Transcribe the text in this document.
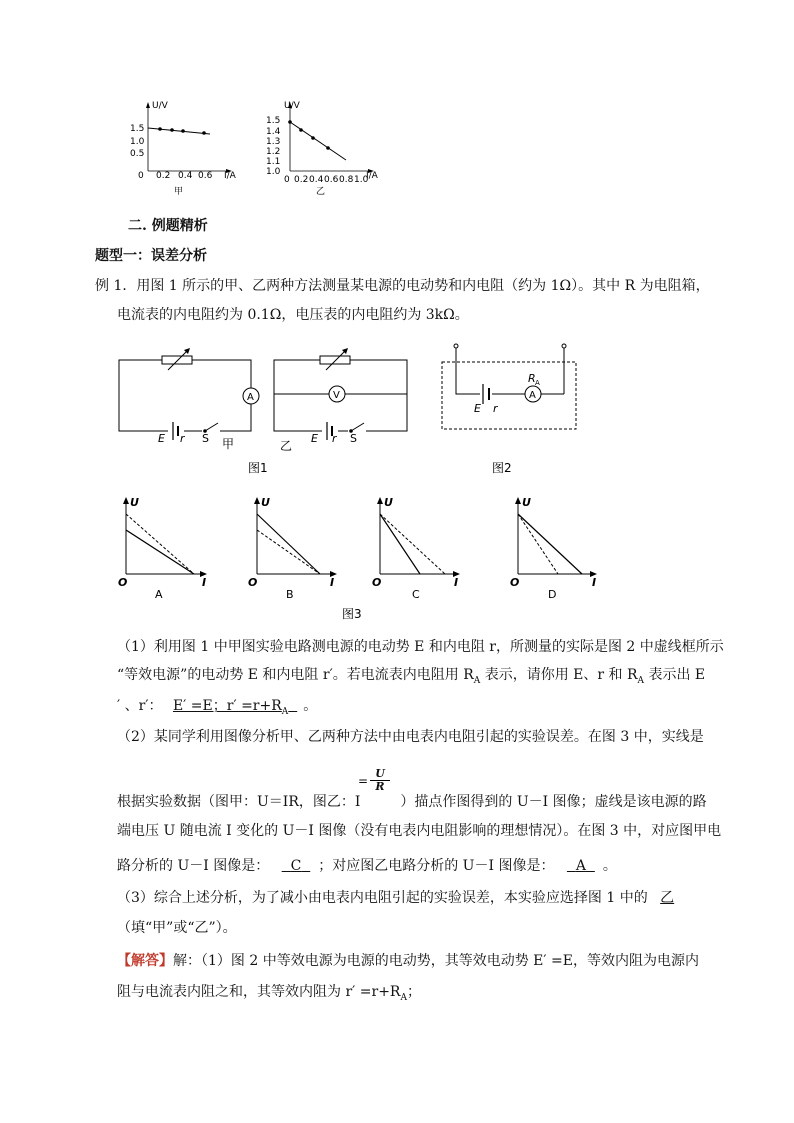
U/V
I/A
1.5
1.0
0.5
0 0.2 0.4 0.6
甲
U/V
I/A
1.5
1.4
1.3
1.2
1.1
1.0
0 0.2 0.4 0.6 0.8 1.0
乙
二. 例题精析
题型一：误差分析
例 1．用图 1 所示的甲、乙两种方法测量某电源的电动势和内电阻（约为 1Ω）。其中 R 为电阻箱，
电流表的内电阻约为 0.1Ω，电压表的内电阻约为 3kΩ。
A
E r S 甲
V
E r S
乙
图1
A
R A
E r
图2
U
I
O
A
U
I
O
B
U
I
O
C
U
I
O
D
图3
（1）利用图 1 中甲图实验电路测电源的电动势 E 和内电阻 r，所测量的实际是图 2 中虚线框所示
“等效电源”的电动势 E 和内电阻 r′。若电流表内电阻用 $R_A$ 表示，请你用 E、r 和 $R_A$ 表示出 E
′ 、r′： E′ =E；$r' =r+R_A$ 。
（2）某同学利用图像分析甲、乙两种方法中由电表内电阻引起的实验误差。在图 3 中，实线是
$\frac{U}{R}$
=
根据实验数据（图甲：U＝IR，图乙：I	）描点作图得到的 U－I 图像；虚线是该电源的路
端电压 U 随电流 I 变化的 U－I 图像（没有电表内电阻影响的理想情况）。在图 3 中，对应图甲电
路分析的 U－I 图像是： C ；对应图乙电路分析的 U－I 图像是： A 。
（3）综合上述分析，为了减小由电表内电阻引起的实验误差，本实验应选择图 1 中的 乙
（填“甲”或“乙”）。
【解答】解：（1）图 2 中等效电源为电源的电动势，其等效电动势 E′ =E，等效内阻为电源内
阻与电流表内阻之和，其等效内阻为 $r' =r+R_A$；
